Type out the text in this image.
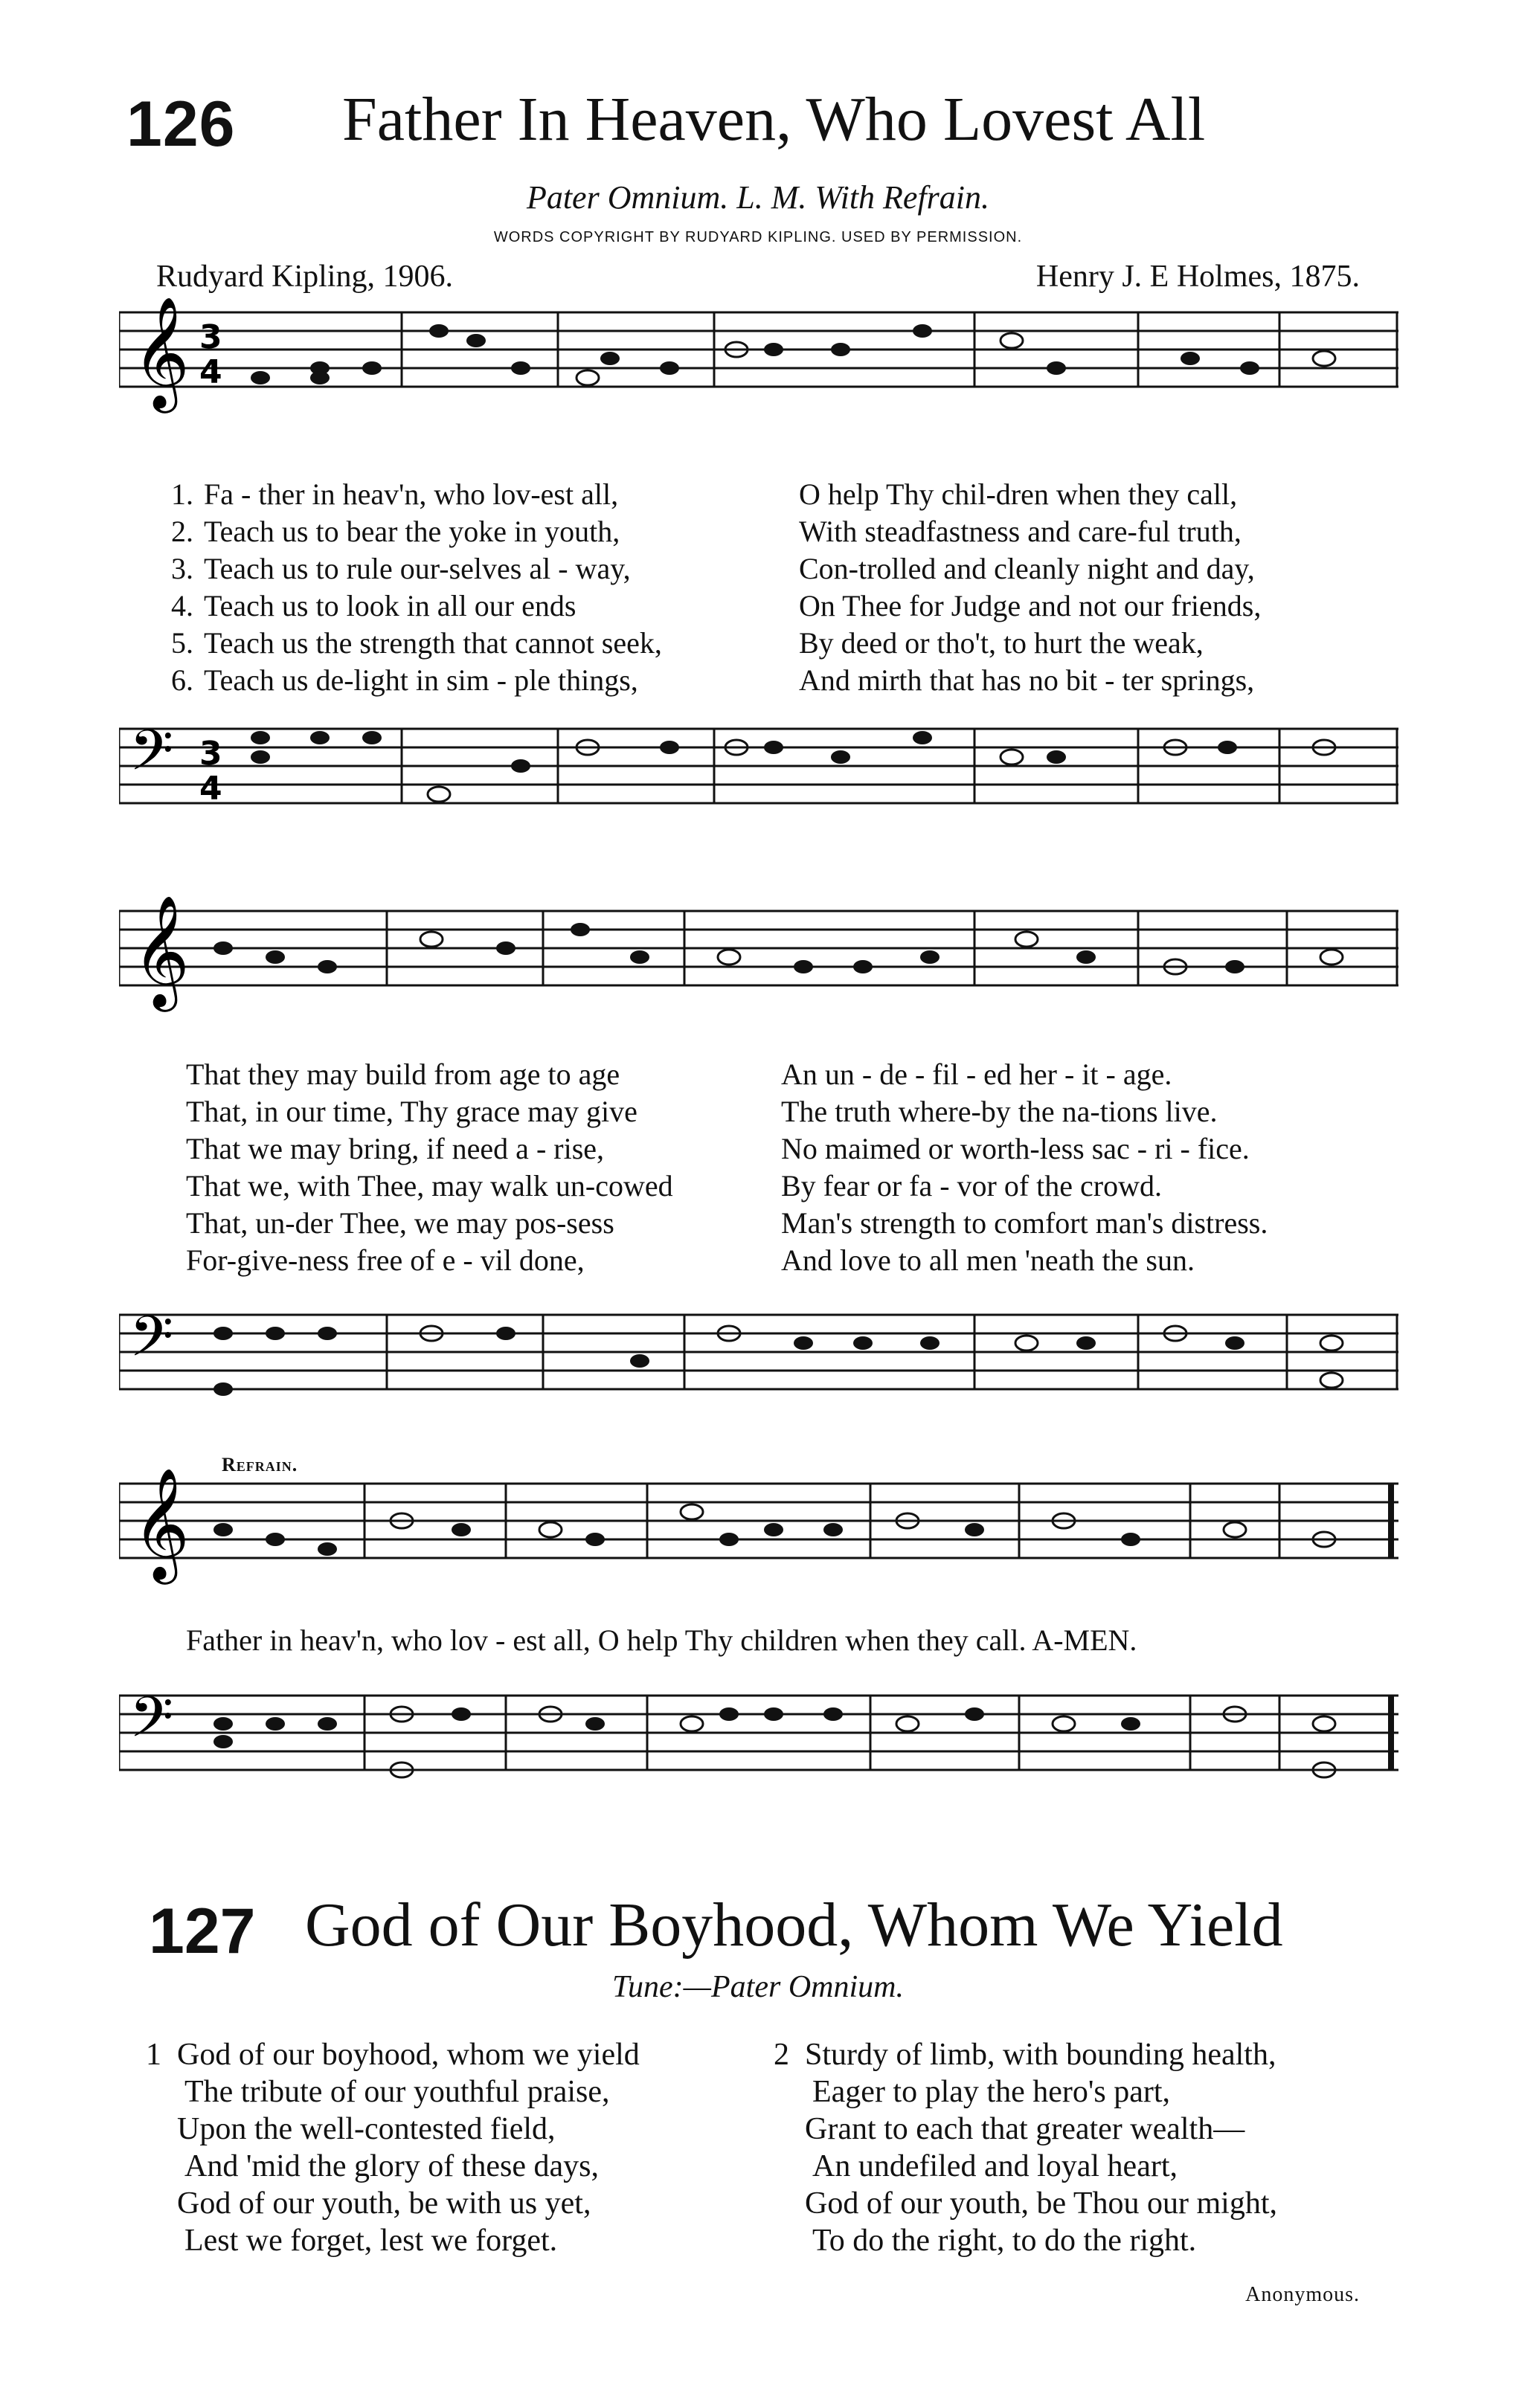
126 Father In Heaven, Who Lovest All
Pater Omnium. L. M. With Refrain.
WORDS COPYRIGHT BY RUDYARD KIPLING. USED BY PERMISSION.
Rudyard Kipling, 1906.	Henry J. E Holmes, 1875.
𝄞 3
4
1. Fa - ther in heav'n, who lov-est all,	O help Thy chil-dren when they call,
2. Teach us to bear the yoke in youth,	With steadfastness and care-ful truth,
3. Teach us to rule our-selves al - way,	Con-trolled and cleanly night and day,
4. Teach us to look in all our ends	On Thee for Judge and not our friends,
5. Teach us the strength that cannot seek,	By deed or tho't, to hurt the weak,
6. Teach us de-light in sim - ple things,	And mirth that has no bit - ter springs,
𝄢 3
4
𝄞
That they may build from age to age	An un - de - fil - ed her - it - age.
That, in our time, Thy grace may give	The truth where-by the na-tions live.
That we may bring, if need a - rise,	No maimed or worth-less sac - ri - fice.
That we, with Thee, may walk un-cowed	By fear or fa - vor of the crowd.
That, un-der Thee, we may pos-sess	Man's strength to comfort man's distress.
For-give-ness free of e - vil done,	And love to all men 'neath the sun.
𝄢
Refrain.
𝄞
Father in heav'n, who lov - est all, O help Thy children when they call. A-MEN.
𝄢
127 God of Our Boyhood, Whom We Yield
Tune:—Pater Omnium.
1 God of our boyhood, whom we yield
The tribute of our youthful praise,
Upon the well-contested field,
And 'mid the glory of these days,
God of our youth, be with us yet,
Lest we forget, lest we forget.
2 Sturdy of limb, with bounding health,
Eager to play the hero's part,
Grant to each that greater wealth—
An undefiled and loyal heart,
God of our youth, be Thou our might,
To do the right, to do the right.
Anonymous.
